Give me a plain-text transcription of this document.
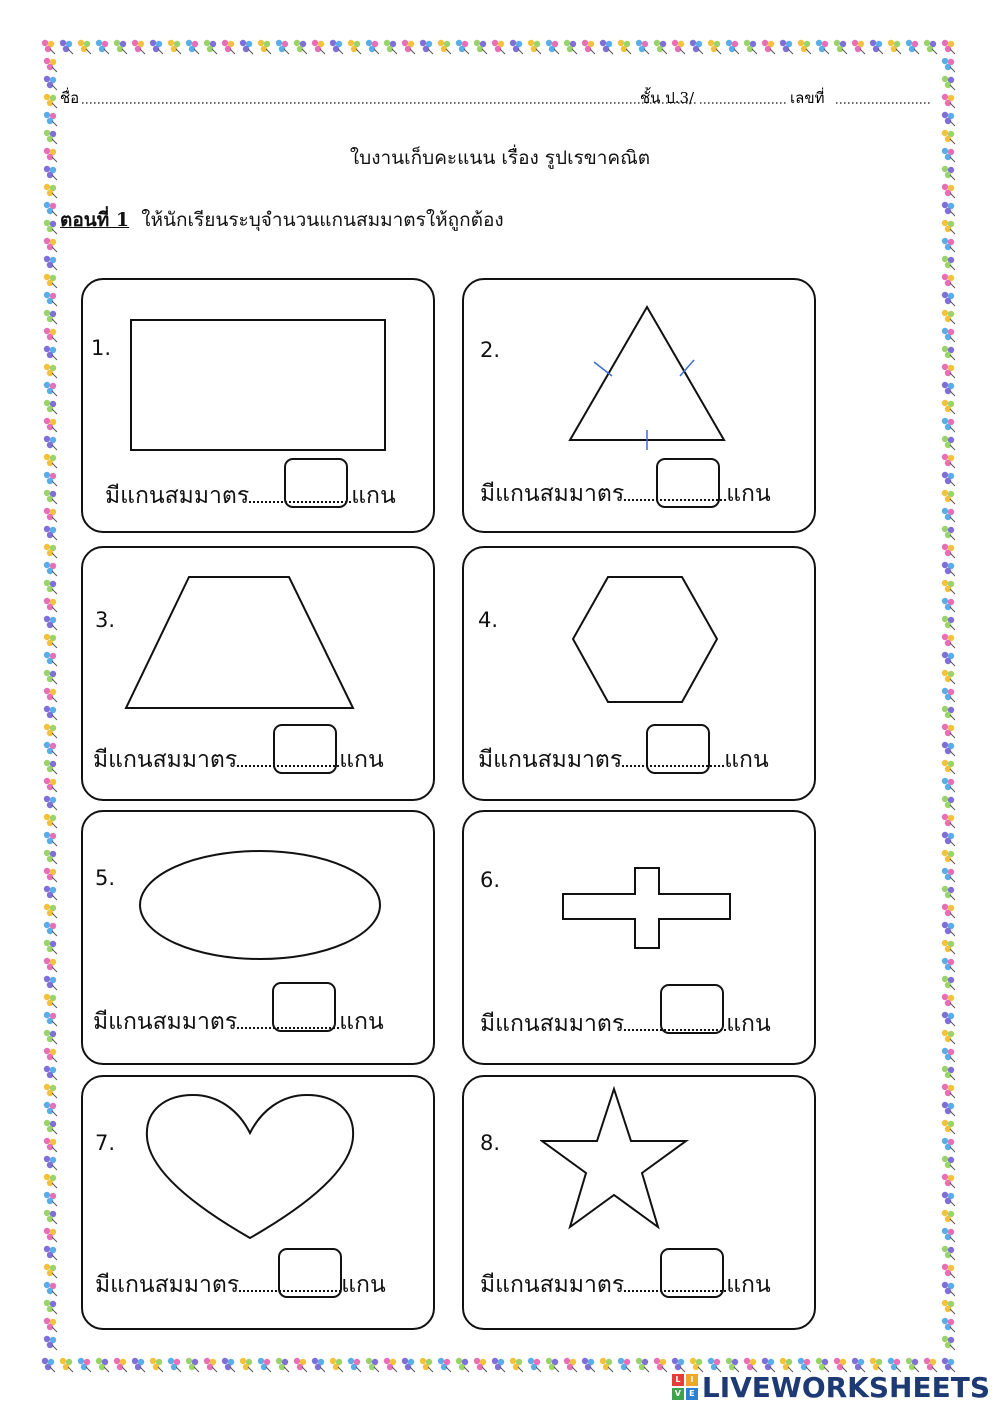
ชื่อ	ชั้น ป.3/	เลขที่
ใบงานเก็บคะแนน เรื่อง รูปเรขาคณิต
ตอนที่ 1 ให้นักเรียนระบุจำนวนแกนสมมาตรให้ถูกต้อง
1.
มีแกนสมมาตร	แกน
2.
มีแกนสมมาตร	แกน
3.
มีแกนสมมาตร	แกน
4.
มีแกนสมมาตร	แกน
5.
มีแกนสมมาตร	แกน
6.
มีแกนสมมาตร	แกน
7.
มีแกนสมมาตร	แกน
8.
มีแกนสมมาตร	แกน
L	I
V	E LIVEWORKSHEETS
